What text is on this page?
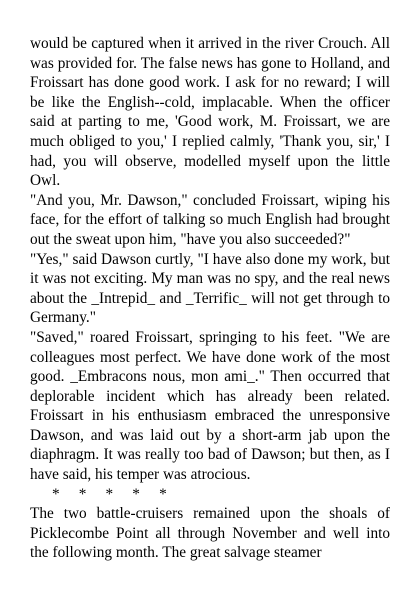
would be captured when it arrived in the river Crouch. All was provided for. The false news has gone to Holland, and Froissart has done good work. I ask for no reward; I will be like the English--cold, implacable. When the officer said at parting to me, 'Good work, M. Froissart, we are much obliged to you,' I replied calmly, 'Thank you, sir,' I had, you will observe, modelled myself upon the little Owl.

"And you, Mr. Dawson," concluded Froissart, wiping his face, for the effort of talking so much English had brought out the sweat upon him, "have you also succeeded?"

"Yes," said Dawson curtly, "I have also done my work, but it was not exciting. My man was no spy, and the real news about the _Intrepid_ and _Terrific_ will not get through to Germany."

"Saved," roared Froissart, springing to his feet. "We are colleagues most perfect. We have done work of the most good. _Embracons nous, mon ami_." Then occurred that deplorable incident which has already been related. Froissart in his enthusiasm embraced the unresponsive Dawson, and was laid out by a short-arm jab upon the diaphragm. It was really too bad of Dawson; but then, as I have said, his temper was atrocious.

*     *     *     *     *

The two battle-cruisers remained upon the shoals of Picklecombe Point all through November and well into the following month. The great salvage steamer
